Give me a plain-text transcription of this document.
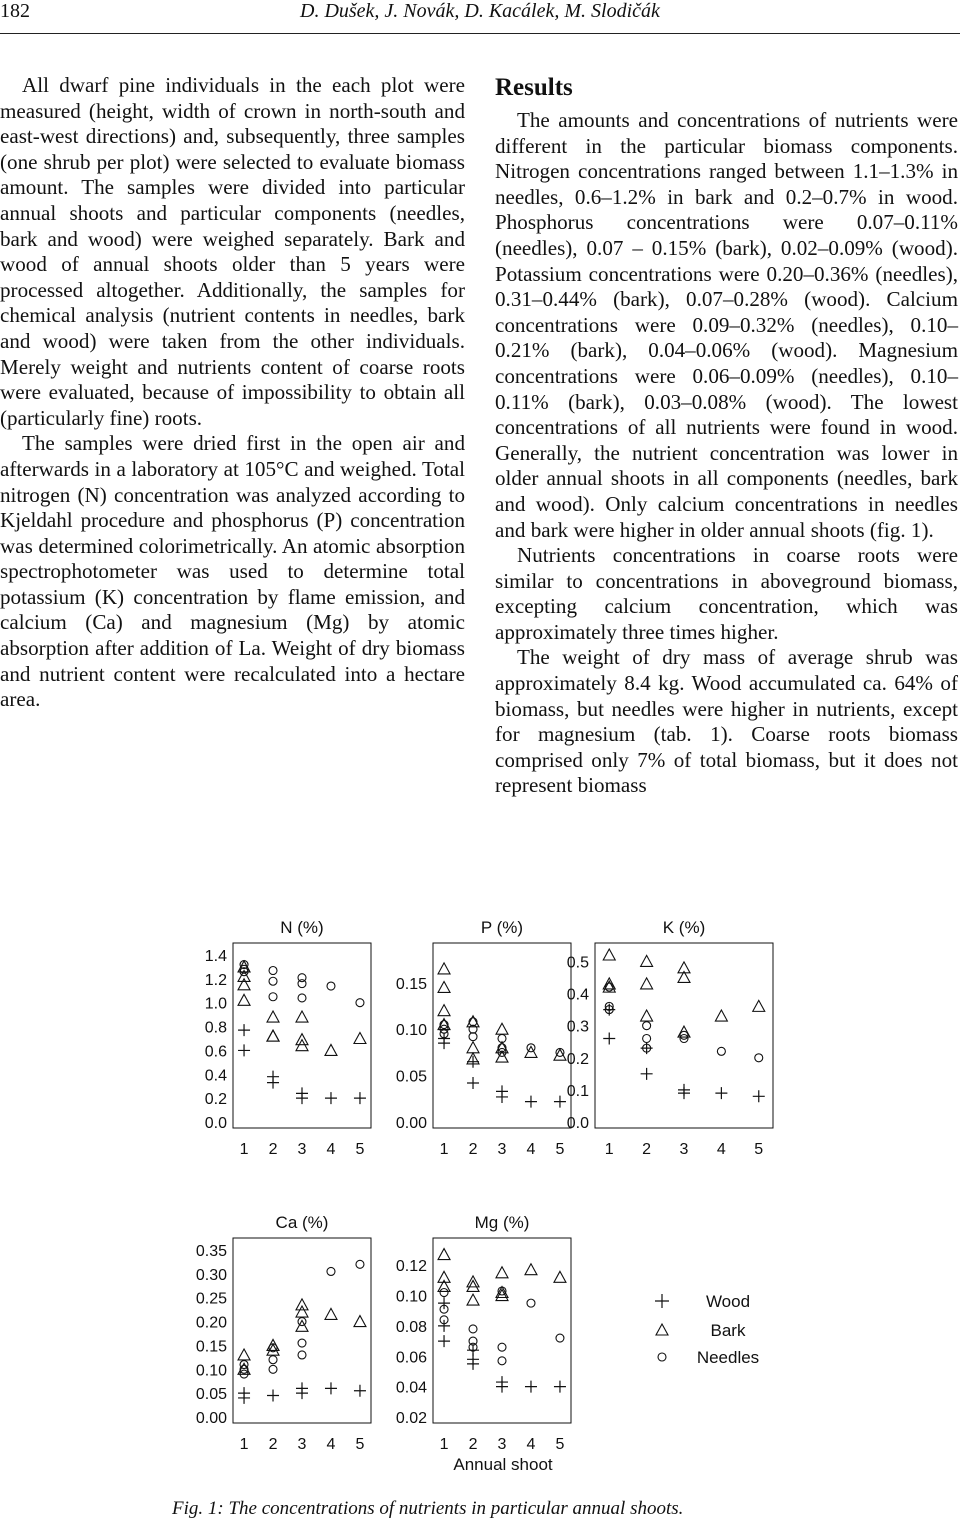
182	D. Dušek, J. Novák, D. Kacálek, M. Slodičák

All dwarf pine individuals in the each plot were measured (height, width of crown in north-south and east-west directions) and, subsequently, three samples (one shrub per plot) were selected to evaluate biomass amount. The samples were divided into particular annual shoots and particular components (needles, bark and wood) were weighed separately. Bark and wood of annual shoots older than 5 years were processed altogether. Additionally, the samples for chemical analysis (nutrient contents in needles, bark and wood) were taken from the other individuals. Merely weight and nutrients content of coarse roots were evaluated, because of impossibility to obtain all (particularly fine) roots.

The samples were dried first in the open air and afterwards in a laboratory at 105°C and weighed. Total nitrogen (N) concentration was analyzed according to Kjeldahl procedure and phosphorus (P) concentration was determined colorimetrically. An atomic absorption spectrophotometer was used to determine total potassium (K) concentration by flame emission, and calcium (Ca) and magnesium (Mg) by atomic absorption after addition of La. Weight of dry biomass and nutrient content were recalculated into a hectare area.

Results

The amounts and concentrations of nutrients were different in the particular biomass components. Nitrogen concentrations ranged between 1.1–1.3% in needles, 0.6–1.2% in bark and 0.2–0.7% in wood. Phosphorus concentrations were 0.07–0.11% (needles), 0.07 – 0.15% (bark), 0.02–0.09% (wood). Potassium concentrations were 0.20–0.36% (needles), 0.31–0.44% (bark), 0.07–0.28% (wood). Calcium concentrations were 0.09–0.32% (needles), 0.10–0.21% (bark), 0.04–0.06% (wood). Magnesium concentrations were 0.06–0.09% (needles), 0.10–0.11% (bark), 0.03–0.08% (wood). The lowest concentrations of all nutrients were found in wood. Generally, the nutrient concentration was lower in older annual shoots in all components (needles, bark and wood). Only calcium concentrations in needles and bark were higher in older annual shoots (fig. 1).

Nutrients concentrations in coarse roots were similar to concentrations in aboveground biomass, excepting calcium concentration, which was approximately three times higher.

The weight of dry mass of average shrub was approximately 8.4 kg. Wood accumulated ca. 64% of biomass, but needles were higher in nutrients, except for magnesium (tab. 1). Coarse roots biomass comprised only 7% of total biomass, but it does not represent biomass

N (%)
0.0
0.2
0.4
0.6
0.8
1.0
1.2
1.4
1 2 3 4 5
P (%)
0.00
0.05
0.10
0.15
1 2 3 4 5
K (%)
0.0
0.1
0.2
0.3
0.4
0.5
1 2 3 4 5
Ca (%)
0.00
0.05
0.10
0.15
0.20
0.25
0.30
0.35
1 2 3 4 5
Mg (%)
0.02
0.04
0.06
0.08
0.10
0.12
1 2 3 4 5
Annual shoot
Wood
Bark
Needles
Fig. 1: The concentrations of nutrients in particular annual shoots.
